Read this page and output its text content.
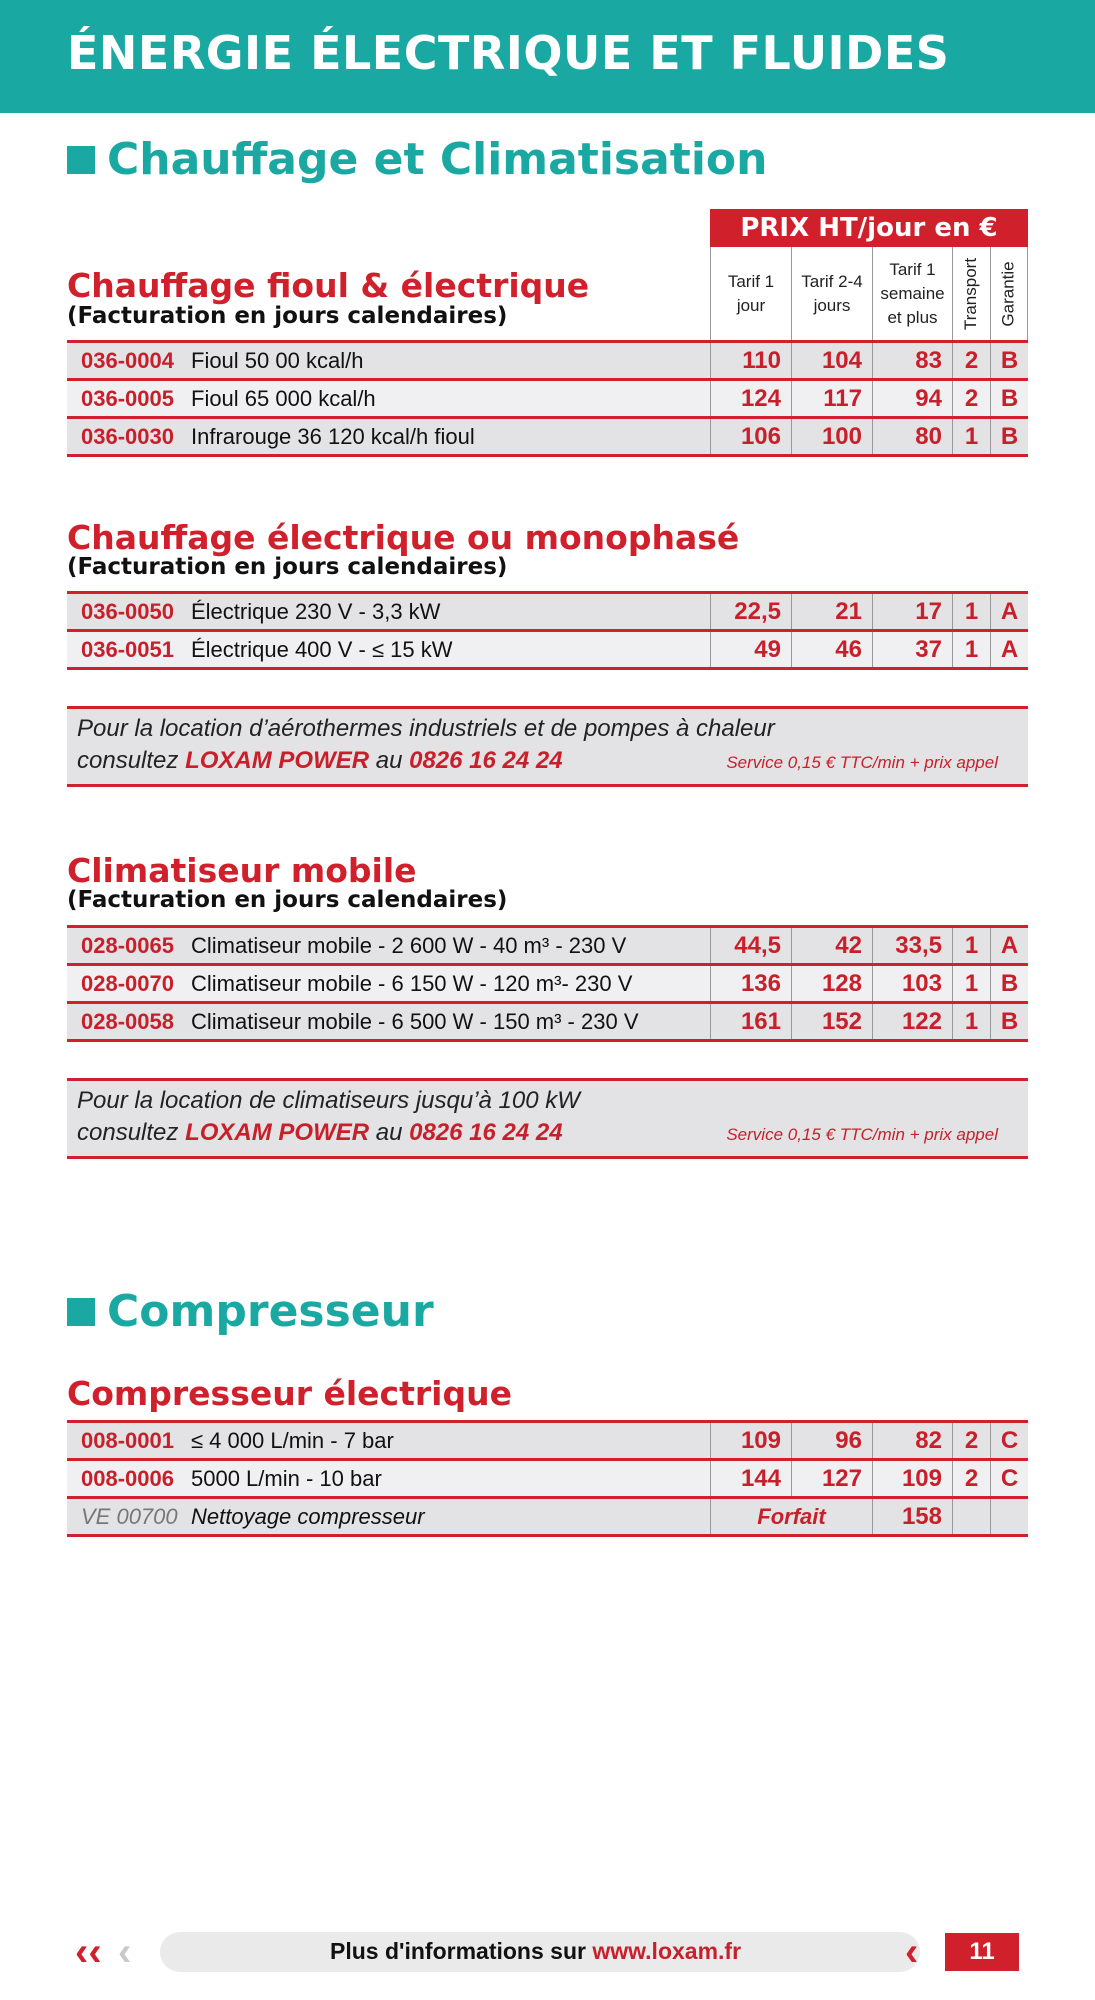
ÉNERGIE ÉLECTRIQUE ET FLUIDES
Chauffage et Climatisation
PRIX HT/jour en €
Tarif 1 jour
Tarif 2-4 jours
Tarif 1 semaine et plus	Transport Garantie
Chauffage fioul & électrique
(Facturation en jours calendaires)
036-0004 Fioul 50 00 kcal/h	110	104	83 2 B
036-0005 Fioul 65 000 kcal/h	124	117	94 2 B
036-0030 Infrarouge 36 120 kcal/h fioul	106	100	80 1 B
Chauffage électrique ou monophasé
(Facturation en jours calendaires)
036-0050 Électrique 230 V - 3,3 kW	22,5	21	17 1 A
036-0051 Électrique 400 V - ≤ 15 kW	49	46	37 1 A
Pour la location d’aérothermes industriels et de pompes à chaleur
consultez LOXAM POWER au 0826 16 24 24	Service 0,15 € TTC/min + prix appel
Climatiseur mobile
(Facturation en jours calendaires)
028-0065 Climatiseur mobile - 2 600 W - 40 m³ - 230 V	44,5	42	33,5 1 A
028-0070 Climatiseur mobile - 6 150 W - 120 m³- 230 V	136	128	103 1 B
028-0058 Climatiseur mobile - 6 500 W - 150 m³ - 230 V	161	152	122 1 B
Pour la location de climatiseurs jusqu’à 100 kW
consultez LOXAM POWER au 0826 16 24 24	Service 0,15 € TTC/min + prix appel
Compresseur
Compresseur électrique
008-0001 ≤ 4 000 L/min - 7 bar	109	96	82 2 C
008-0006 5000 L/min - 10 bar	144	127	109 2 C
VE 00700 Nettoyage compresseur	Forfait	158
‹‹ ‹	Plus d'informations sur www.loxam.fr	‹	11
